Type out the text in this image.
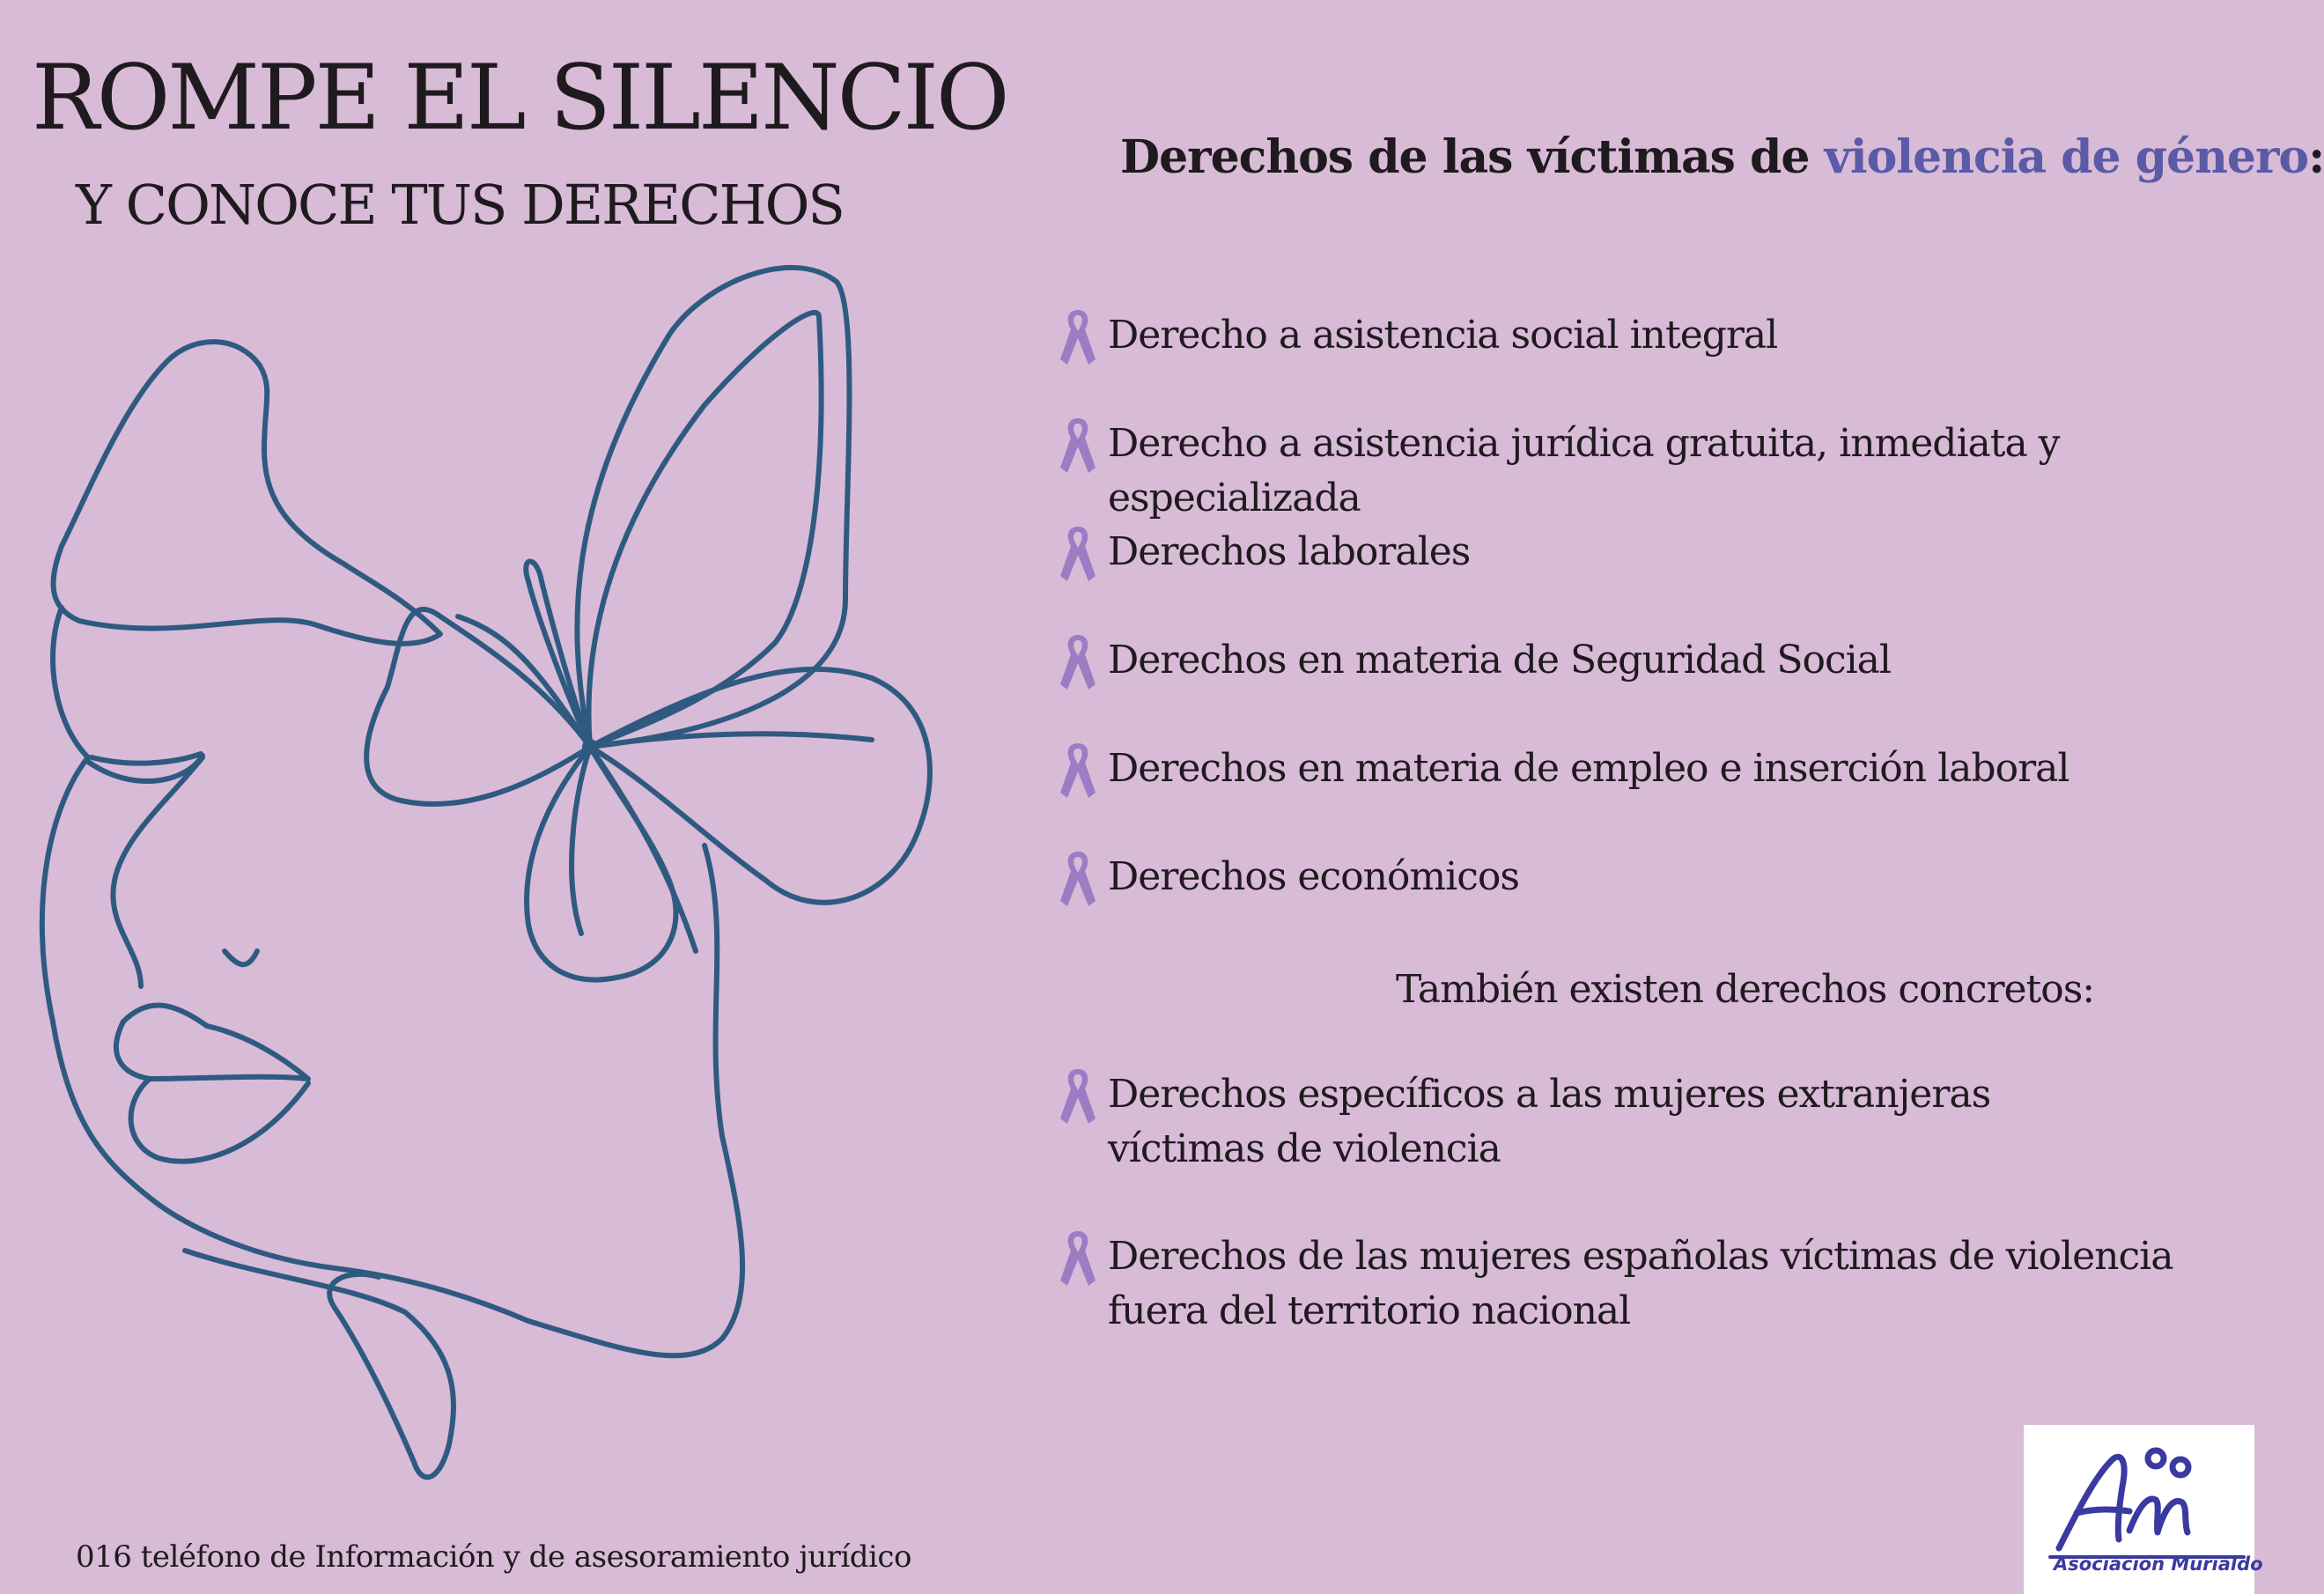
ROMPE EL SILENCIO
Y CONOCE TUS DERECHOS
Derechos de las víctimas de violencia de género:
Derecho a asistencia social integral
Derecho a asistencia jurídica gratuita, inmediata y especializada
Derechos laborales
Derechos en materia de Seguridad Social
Derechos en materia de empleo e inserción laboral
Derechos económicos
Derechos específicos a las mujeres extranjeras
víctimas de violencia
Derechos de las mujeres españolas víctimas de violencia
fuera del territorio nacional
También existen derechos concretos:
016 teléfono de Información y de asesoramiento jurídico	Asociación Murialdo
